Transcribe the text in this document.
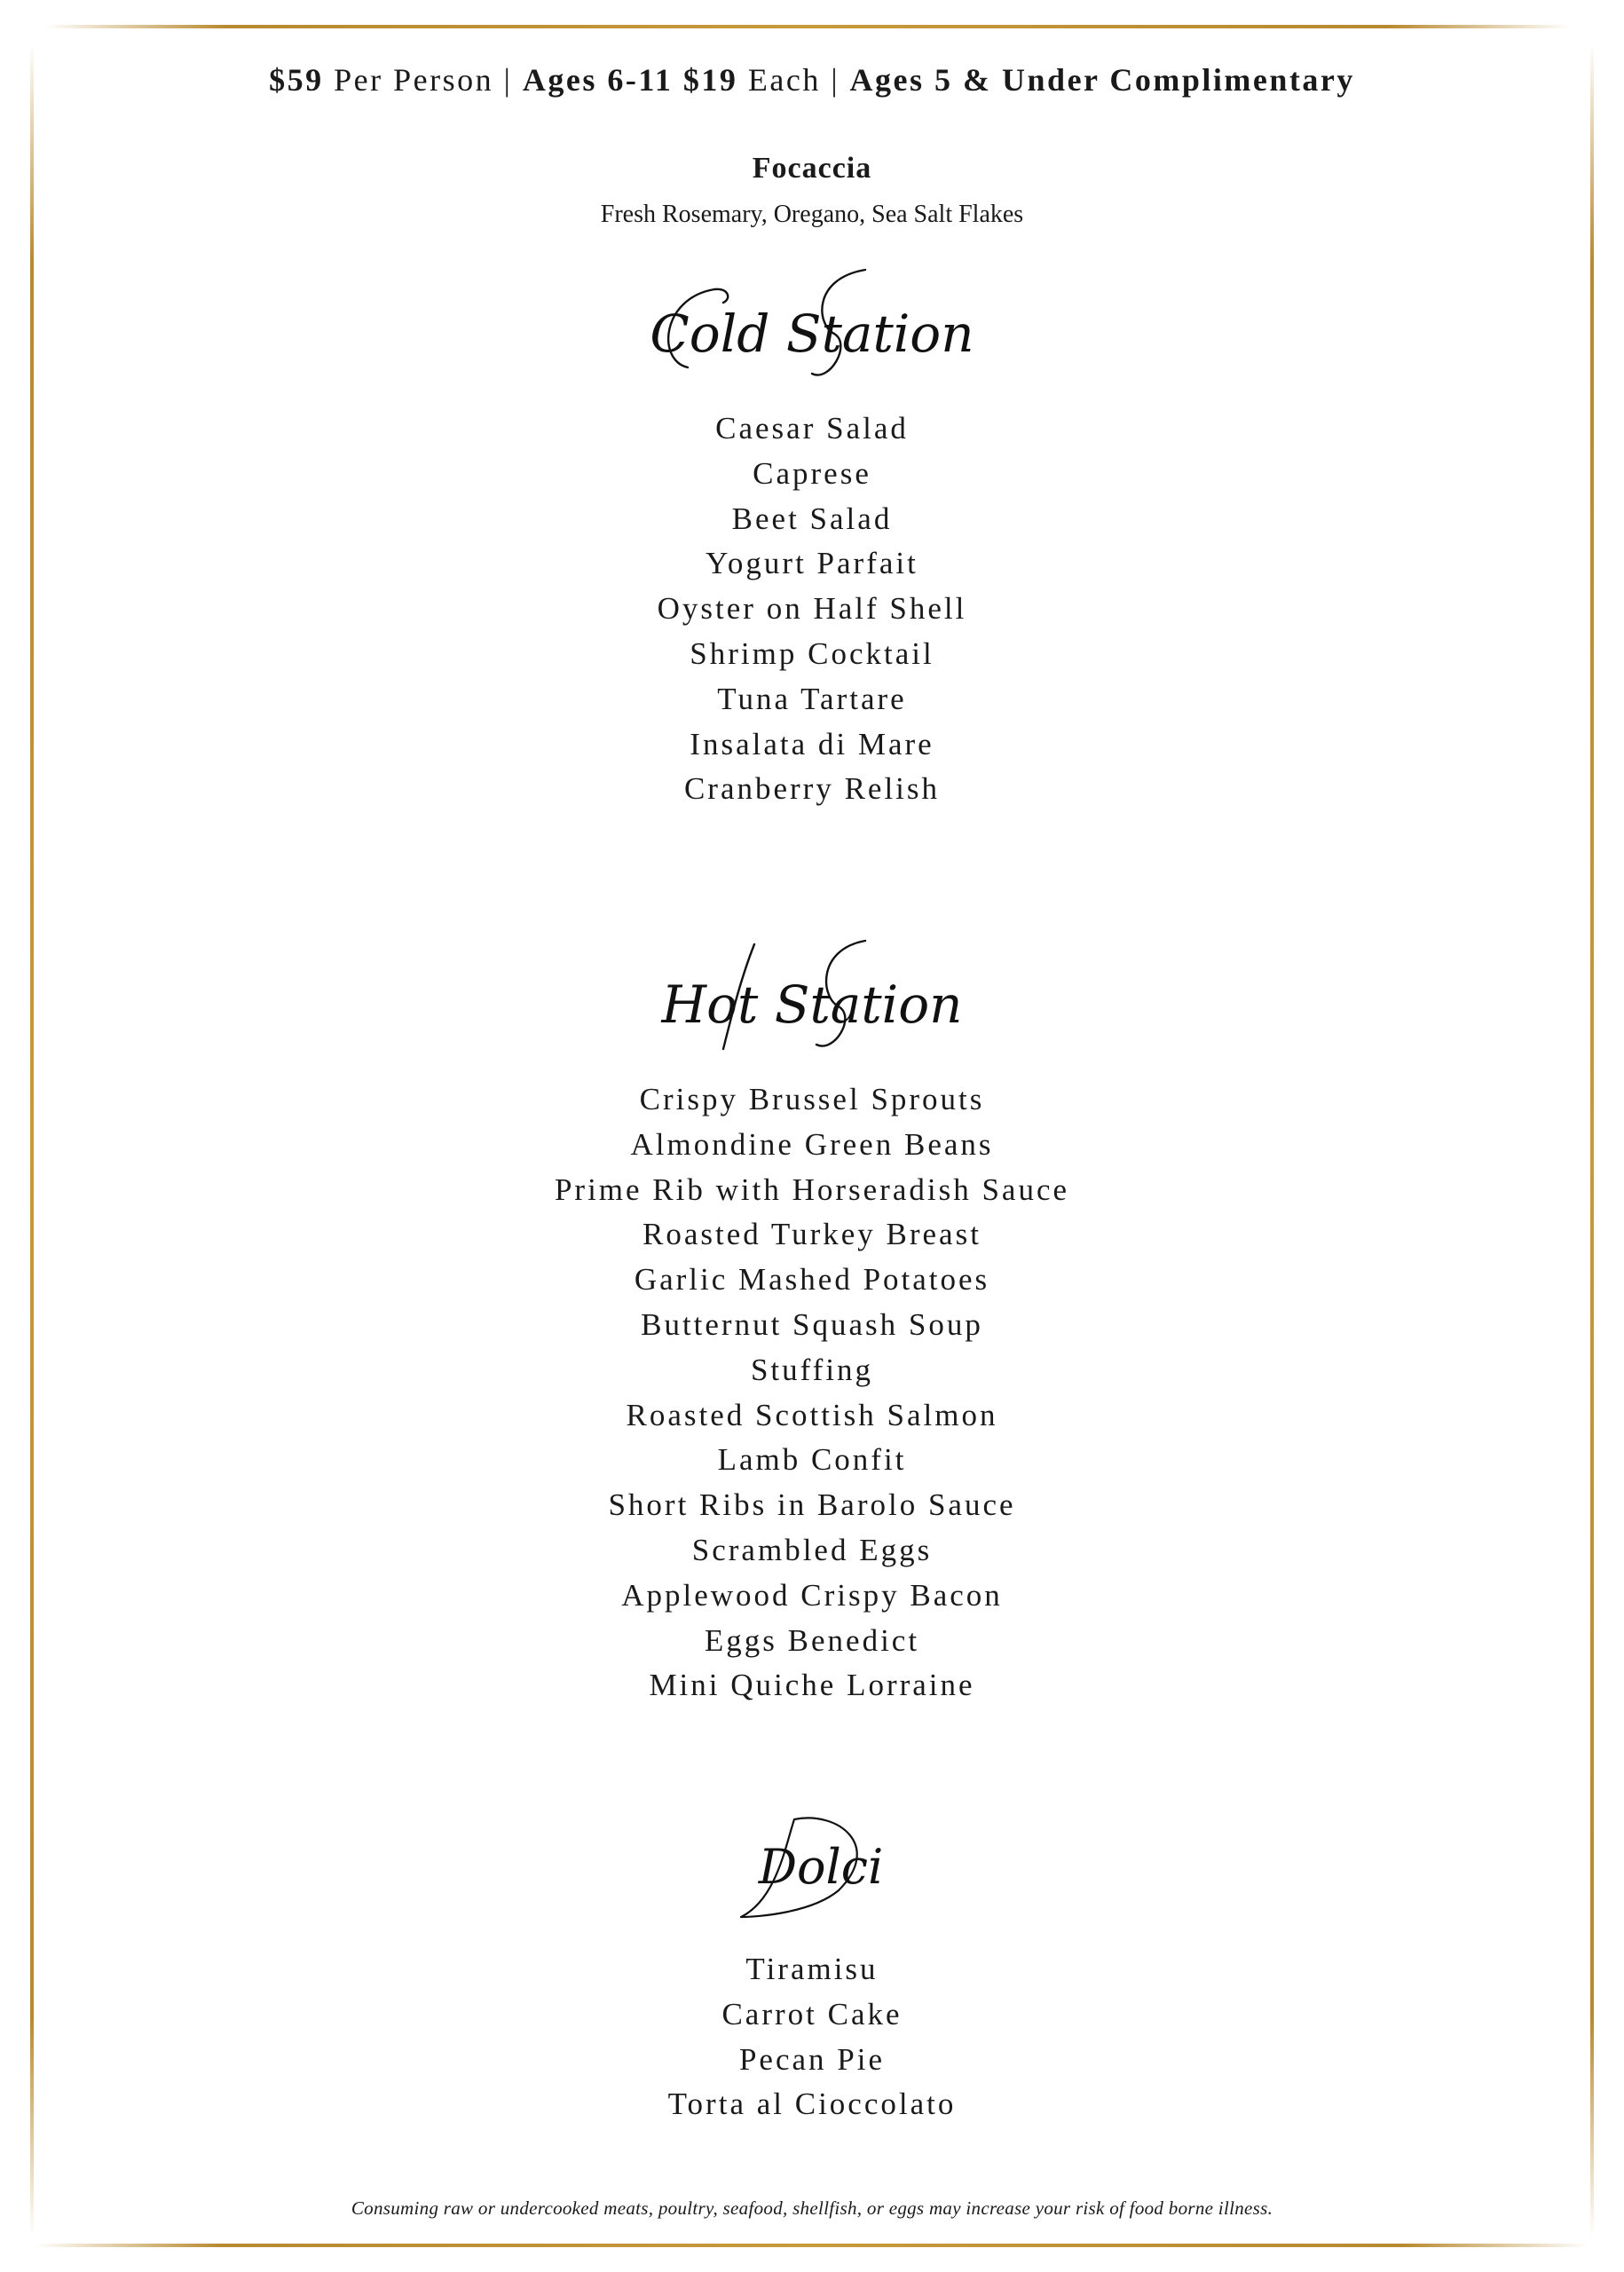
$59 Per Person | Ages 6-11 $19 Each | Ages 5 & Under Complimentary
Focaccia
Fresh Rosemary, Oregano, Sea Salt Flakes
Cold Station
Caesar Salad
Caprese
Beet Salad
Yogurt Parfait
Oyster on Half Shell
Shrimp Cocktail
Tuna Tartare
Insalata di Mare
Cranberry Relish
Hot Station
Crispy Brussel Sprouts
Almondine Green Beans
Prime Rib with Horseradish Sauce
Roasted Turkey Breast
Garlic Mashed Potatoes
Butternut Squash Soup
Stuffing
Roasted Scottish Salmon
Lamb Confit
Short Ribs in Barolo Sauce
Scrambled Eggs
Applewood Crispy Bacon
Eggs Benedict
Mini Quiche Lorraine
Dolci
Tiramisu
Carrot Cake
Pecan Pie
Torta al Cioccolato
Consuming raw or undercooked meats, poultry, seafood, shellfish, or eggs may increase your risk of food borne illness.
